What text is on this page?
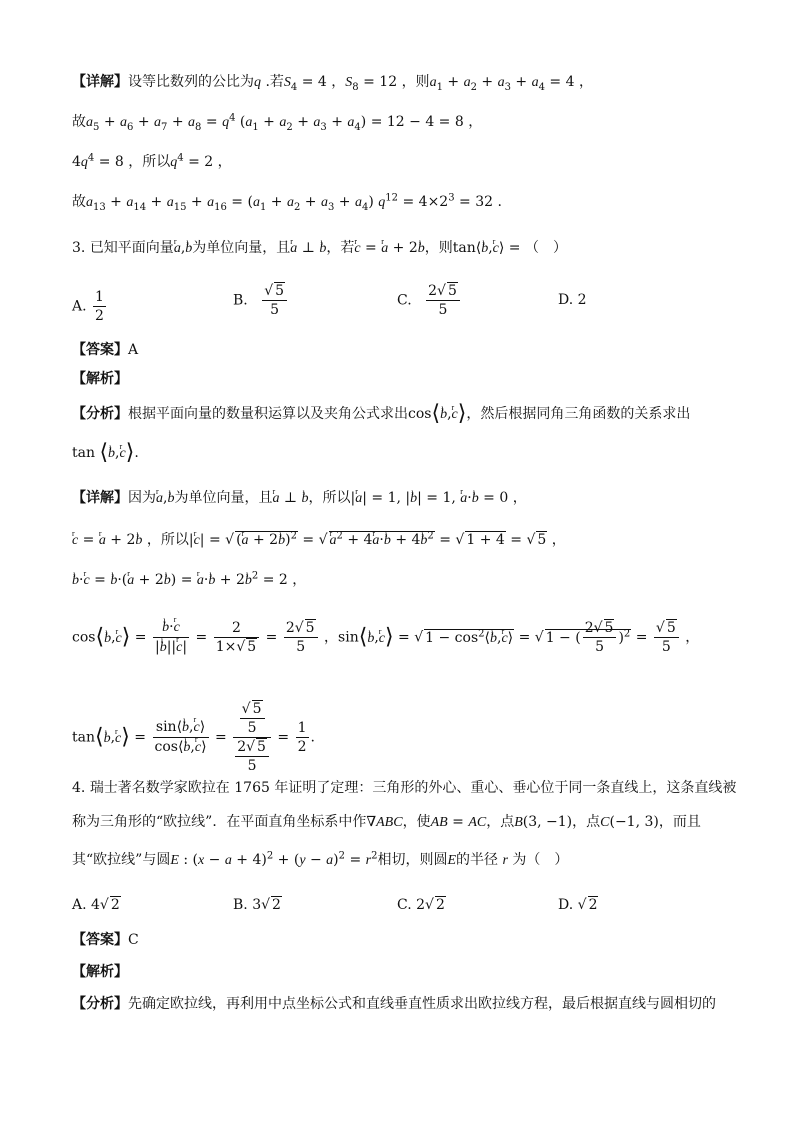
【详解】设等比数列的公比为q .若$S_4 = 4$ ，$S_8 = 12$ ，则$a_1 + a_2 + a_3 + a_4 = 4$ ，
故$a_5 + a_6 + a_7 + a_8 = q^4$ $(a_1 + a_2 + a_3 + a_4) = 12 - 4 = 8$ ，
$4q^4 = 8$ ，所以$q^4 = 2$ ，
故$a_{13} + a_{14} + a_{15} + a_{16} = (a_1 + a_2 + a_3 + a_4) q^{12} = 4\times 2^3 = 32$ .
3. 已知平面向量r a,ı b为单位向量，且r a ⊥ ı b，若r c = r a + 2ı b，则tan⟨ı b,r c⟩ = （　）
A. $\frac{1}{2}$	B. $\frac{√ 5}{5}$	C. $\frac{2√ 5}{5}$	D. 2
【答案】A
【解析】
【分析】根据平面向量的数量积运算以及夹角公式求出cos⟨ı b,r c⟩，然后根据同角三角函数的关系求出
tan ⟨ı b,r c⟩.
【详解】因为r a,ı b为单位向量，且r a ⊥ ı b，所以|r a| = 1, |ı b| = 1, r a·ı b = 0 ，
r c = r a + 2ı b ，所以|r c| = √ (r a + 2ı b)$^2$ = √ r $a^2 + 4r$ a·ı b + 4ı $b^2$ = √ 1 + 4 = √ 5 ，
ı b·r c = ı b·(r a + 2ı b) = r a·ı b + 2ı $b^2 = 2$ ，
cos⟨ı b,r c⟩ = ı $\frac{\text{b·r c}}{\text{|ı b||r c|}} = \frac{2}{1\times√ 5} = \frac{2√ 5}{5}$ ，sin⟨ı b,r c⟩ = √ $1 - \cos^2⟨ı$ b,r c⟩ = √ 1 − ( $\frac{2√ 5}{5} )^2 = \frac{√ 5}{5}$ ，
tan⟨ı b,r c⟩ = $\frac{\text{sin⟨ı b,r c⟩}}{\text{cos⟨ı b,r c⟩}} = \frac{\frac{√ 5}{5}}{\frac{2√ 5}{5}} = \frac{1}{2}$ .
4. 瑞士著名数学家欧拉在 1765 年证明了定理：三角形的外心、重心、垂心位于同一条直线上，这条直线被
称为三角形的“欧拉线”．在平面直角坐标系中作∇ABC，使AB = AC，点B(3, −1)，点C(−1, 3)，而且
其“欧拉线”与圆E : $(x - a + 4)^2 + (y - a)^2 = r^2$相切，则圆E的半径 r 为（　）
A. 4√ 2	B. 3√ 2	C. 2√ 2	D. √ 2
【答案】C
【解析】
【分析】先确定欧拉线，再利用中点坐标公式和直线垂直性质求出欧拉线方程，最后根据直线与圆相切的
